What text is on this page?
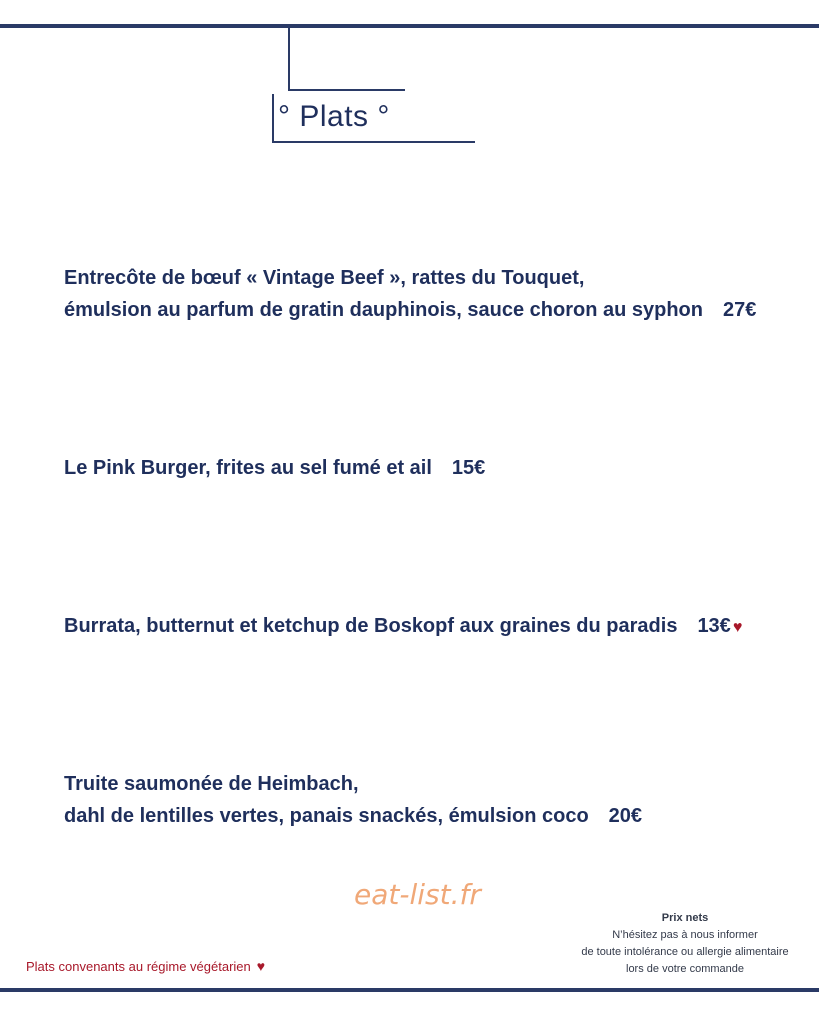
° Plats °
Entrecôte de bœuf « Vintage Beef », rattes du Touquet,
émulsion au parfum de gratin dauphinois, sauce choron au syphon 27€
Le Pink Burger, frites au sel fumé et ail 15€
Burrata, butternut et ketchup de Boskopf aux graines du paradis 13€ ♥
Truite saumonée de Heimbach,
dahl de lentilles vertes, panais snackés, émulsion coco 20€
eat-list.fr
Plats convenants au régime végétarien ♥
Prix nets
N’hésitez pas à nous informer
de toute intolérance ou allergie alimentaire
lors de votre commande
